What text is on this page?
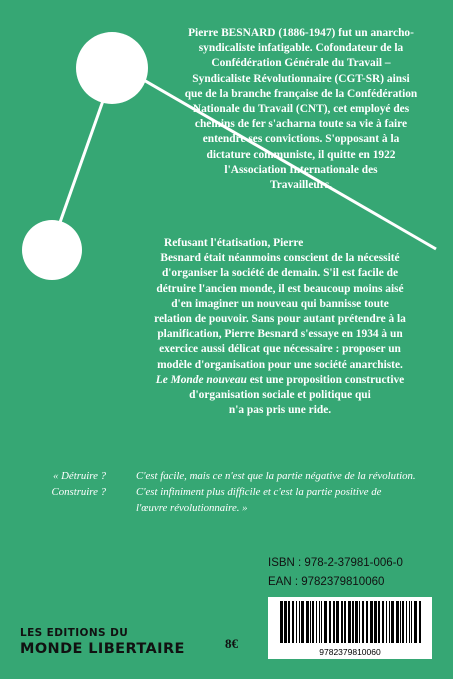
Pierre BESNARD (1886-1947) fut un anarcho-
syndicaliste infatigable. Cofondateur de la
Confédération Générale du Travail –
Syndicaliste Révolutionnaire (CGT-SR) ainsi
que de la branche française de la Confédération
Nationale du Travail (CNT), cet employé des
chemins de fer s'acharna toute sa vie à faire
entendre ses convictions. S'opposant à la
dictature communiste, il quitte en 1922
l'Association Internationale des
Travailleurs.

Refusant l'étatisation, Pierre
Besnard était néanmoins conscient de la nécessité
d'organiser la société de demain. S'il est facile de
détruire l'ancien monde, il est beaucoup moins aisé
d'en imaginer un nouveau qui bannisse toute
relation de pouvoir. Sans pour autant prétendre à la
planification, Pierre Besnard s'essaye en 1934 à un
exercice aussi délicat que nécessaire : proposer un
modèle d'organisation pour une société anarchiste.
Le Monde nouveau est une proposition constructive
d'organisation sociale et politique qui
n'a pas pris une ride.

« Détruire ?	C'est facile, mais ce n'est que la partie négative de la révolution.
Construire ?	C'est infiniment plus difficile et c'est la partie positive de
l'œuvre révolutionnaire. »
ISBN : 978-2-37981-006-0
EAN : 9782379810060
9782379810060
LES EDITIONS DU
MONDE LIBERTAIRE	8€
